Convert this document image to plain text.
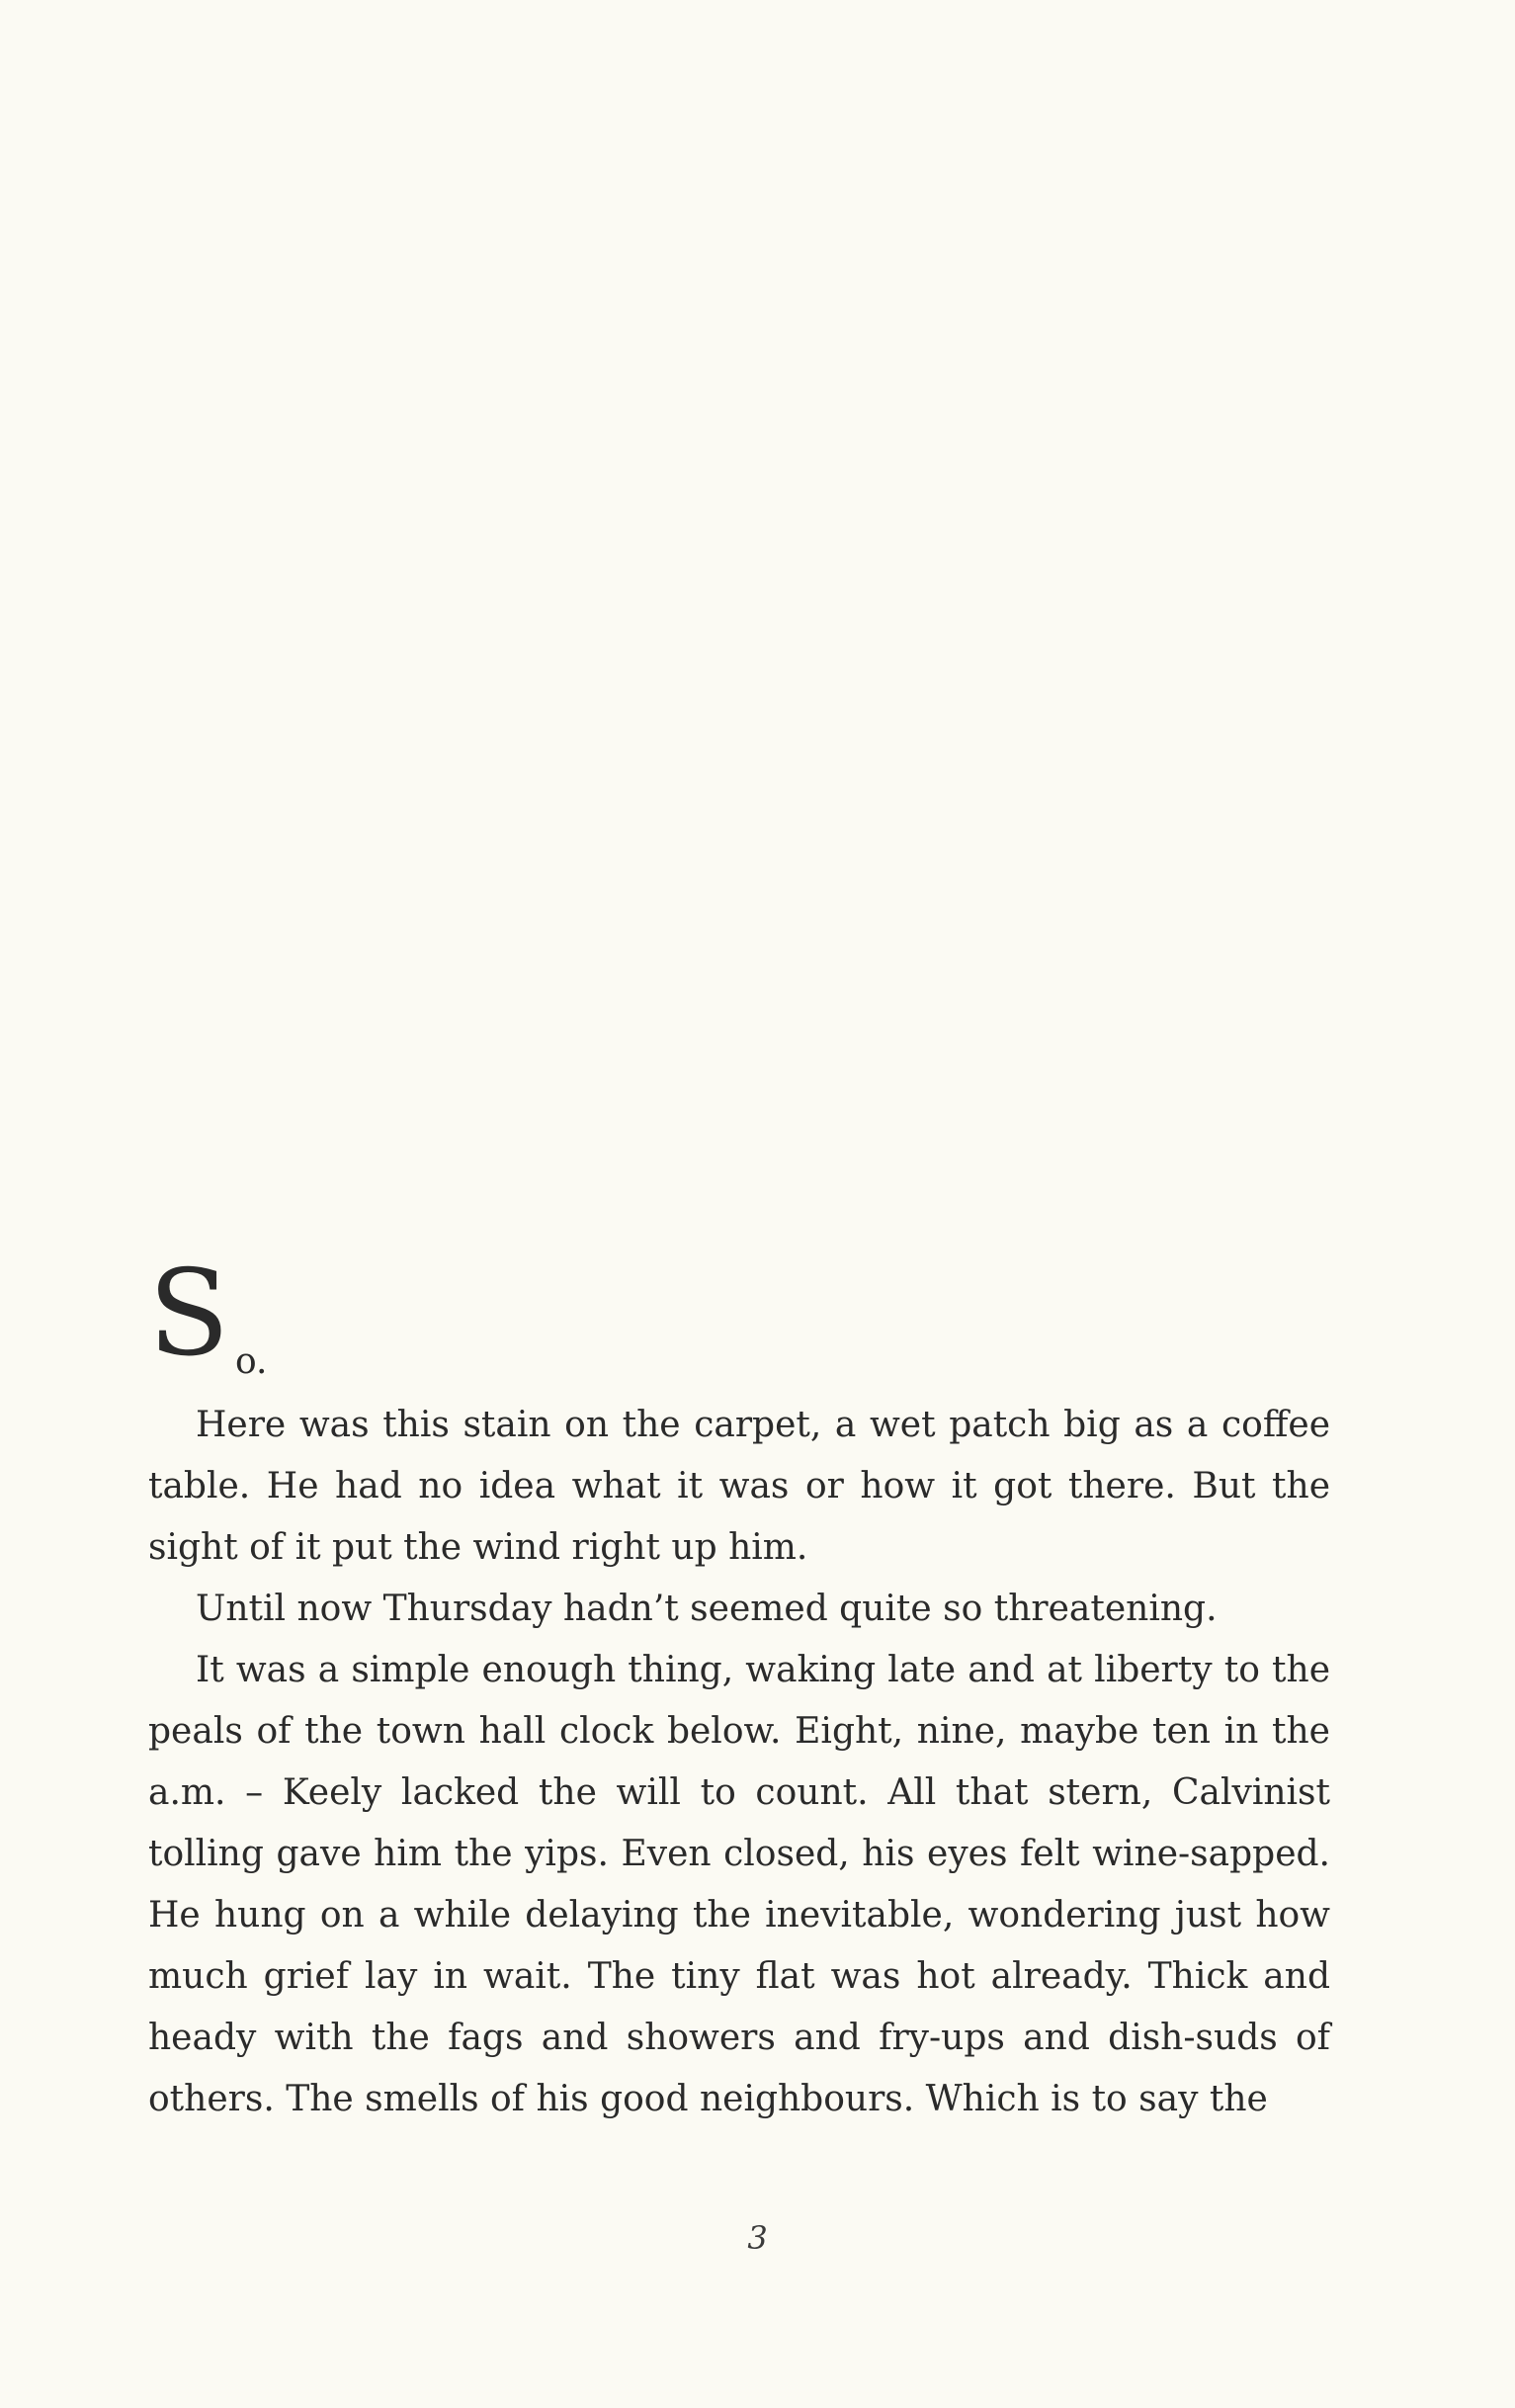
S o.

Here was this stain on the carpet, a wet patch big as a coffee table. He had no idea what it was or how it got there. But the sight of it put the wind right up him.

Until now Thursday hadn’t seemed quite so threatening.

It was a simple enough thing, waking late and at liberty to the peals of the town hall clock below. Eight, nine, maybe ten in the a.m. – Keely lacked the will to count. All that stern, Calvinist tolling gave him the yips. Even closed, his eyes felt wine-sapped. He hung on a while delaying the inevitable, wondering just how much grief lay in wait. The tiny flat was hot already. Thick and heady with the fags and showers and fry-ups and dish-suds of others. The smells of his good neighbours. Which is to say the

3
